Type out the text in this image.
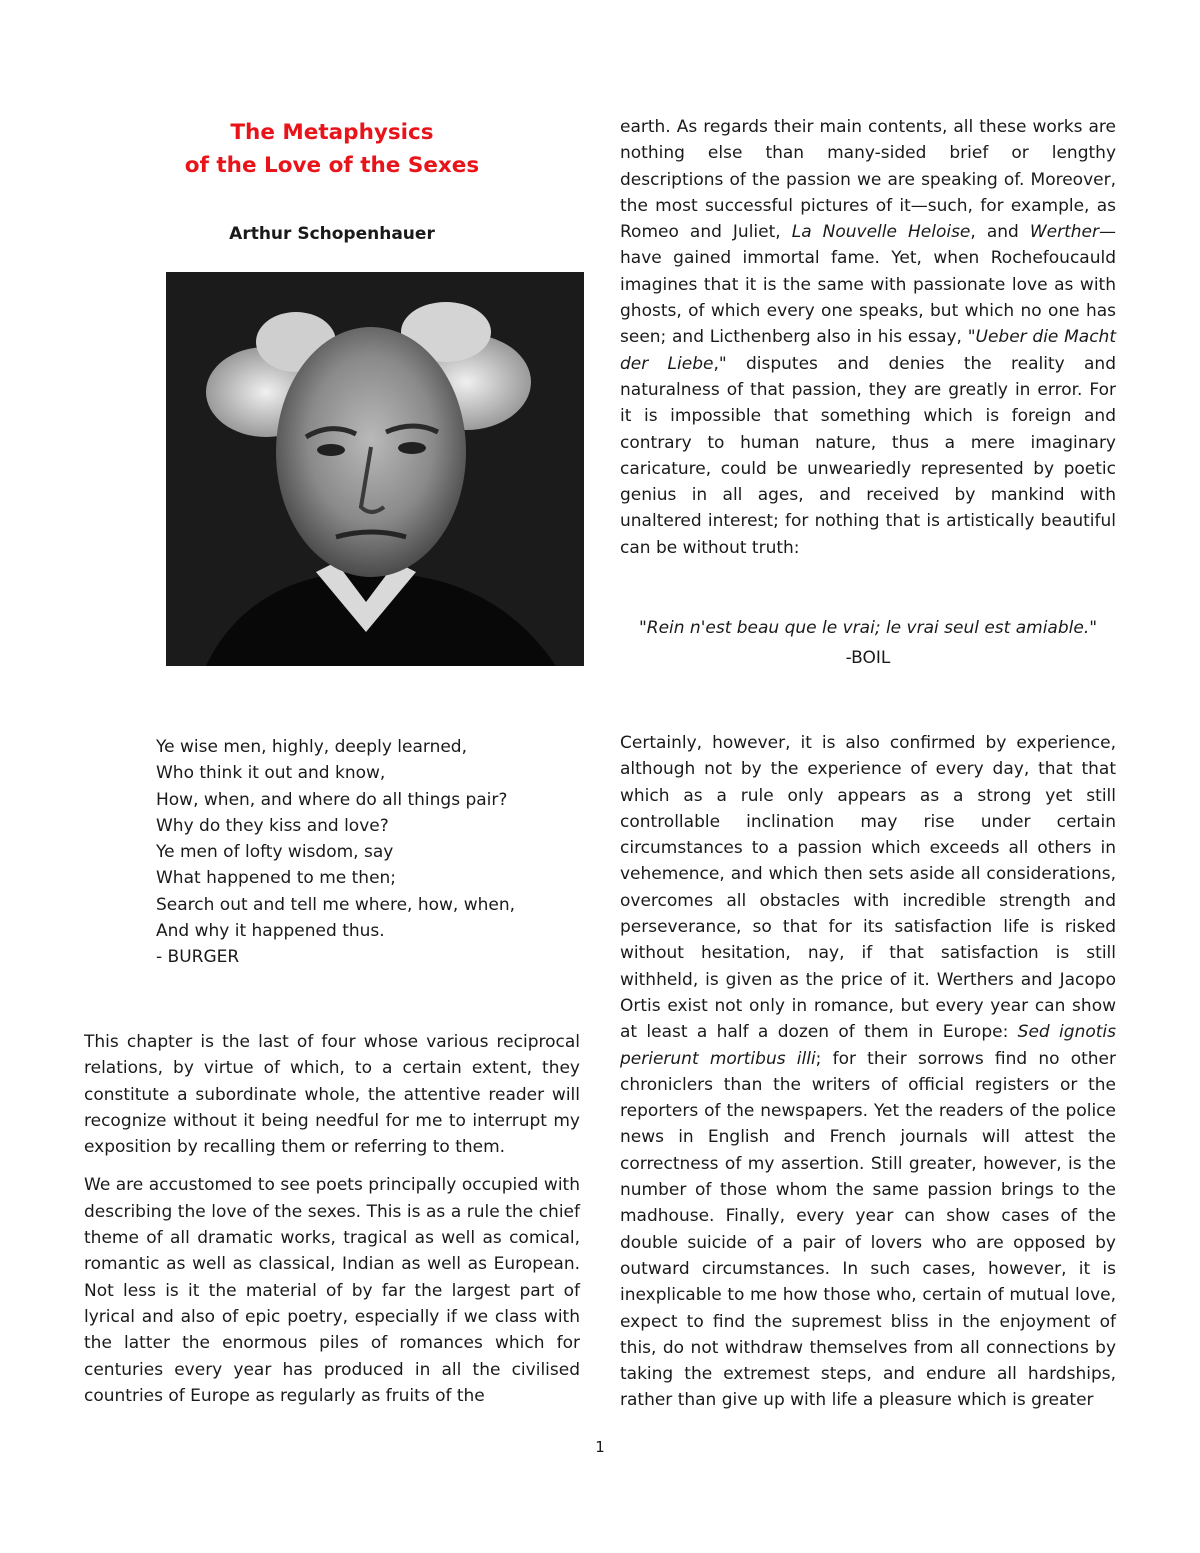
The Metaphysics
of the Love of the Sexes
Arthur Schopenhauer
Ye wise men, highly, deeply learned,
Who think it out and know,
How, when, and where do all things pair?
Why do they kiss and love?
Ye men of lofty wisdom, say
What happened to me then;
Search out and tell me where, how, when,
And why it happened thus.
- BURGER

This chapter is the last of four whose various reciprocal relations, by virtue of which, to a certain extent, they constitute a subordinate whole, the attentive reader will recognize without it being needful for me to interrupt my exposition by recalling them or referring to them.

We are accustomed to see poets principally occupied with describing the love of the sexes. This is as a rule the chief theme of all dramatic works, tragical as well as comical, romantic as well as classical, Indian as well as European. Not less is it the material of by far the largest part of lyrical and also of epic poetry, especially if we class with the latter the enormous piles of romances which for centuries every year has produced in all the civilised countries of Europe as regularly as fruits of the

earth. As regards their main contents, all these works are nothing else than many-sided brief or lengthy descriptions of the passion we are speaking of. Moreover, the most successful pictures of it—such, for example, as Romeo and Juliet, La Nouvelle Heloise, and Werther—have gained immortal fame. Yet, when Rochefoucauld imagines that it is the same with passionate love as with ghosts, of which every one speaks, but which no one has seen; and Licthenberg also in his essay, "Ueber die Macht der Liebe," disputes and denies the reality and naturalness of that passion, they are greatly in error. For it is impossible that something which is foreign and contrary to human nature, thus a mere imaginary caricature, could be unweariedly represented by poetic genius in all ages, and received by mankind with unaltered interest; for nothing that is artistically beautiful can be without truth:

"Rein n'est beau que le vrai; le vrai seul est amiable."
-BOIL

Certainly, however, it is also confirmed by experience, although not by the experience of every day, that that which as a rule only appears as a strong yet still controllable inclination may rise under certain circumstances to a passion which exceeds all others in vehemence, and which then sets aside all considerations, overcomes all obstacles with incredible strength and perseverance, so that for its satisfaction life is risked without hesitation, nay, if that satisfaction is still withheld, is given as the price of it. Werthers and Jacopo Ortis exist not only in romance, but every year can show at least a half a dozen of them in Europe: Sed ignotis perierunt mortibus illi; for their sorrows find no other chroniclers than the writers of official registers or the reporters of the newspapers. Yet the readers of the police news in English and French journals will attest the correctness of my assertion. Still greater, however, is the number of those whom the same passion brings to the madhouse. Finally, every year can show cases of the double suicide of a pair of lovers who are opposed by outward circumstances. In such cases, however, it is inexplicable to me how those who, certain of mutual love, expect to find the supremest bliss in the enjoyment of this, do not withdraw themselves from all connections by taking the extremest steps, and endure all hardships, rather than give up with life a pleasure which is greater

1
